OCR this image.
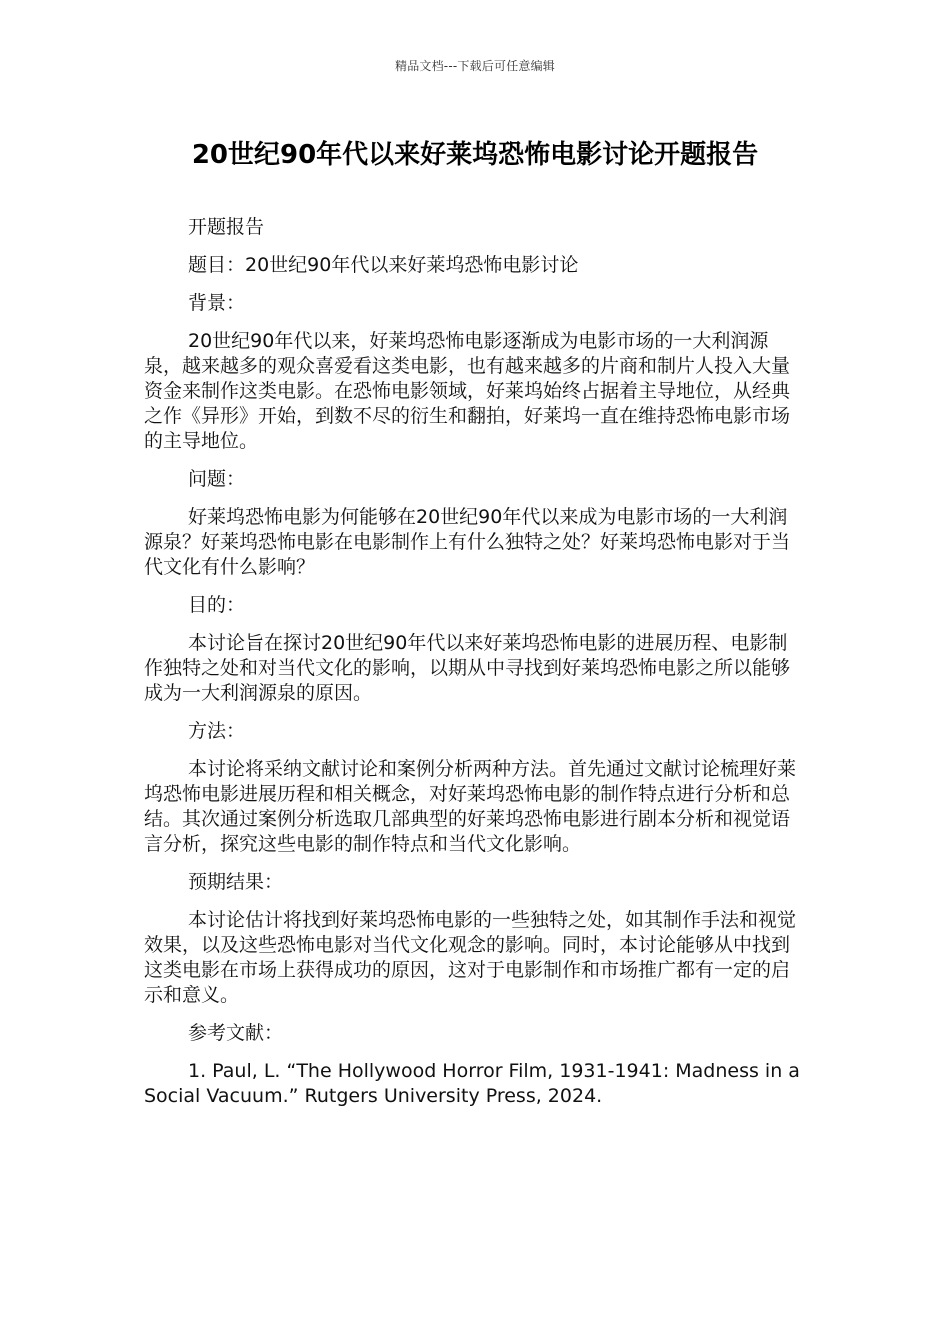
精品文档---下载后可任意编辑
20世纪90年代以来好莱坞恐怖电影讨论开题报告

开题报告

题目：20世纪90年代以来好莱坞恐怖电影讨论

背景：

20世纪90年代以来，好莱坞恐怖电影逐渐成为电影市场的一大利润源泉，越来越多的观众喜爱看这类电影，也有越来越多的片商和制片人投入大量资金来制作这类电影。在恐怖电影领域，好莱坞始终占据着主导地位，从经典之作《异形》开始，到数不尽的衍生和翻拍，好莱坞一直在维持恐怖电影市场的主导地位。

问题：

好莱坞恐怖电影为何能够在20世纪90年代以来成为电影市场的一大利润源泉？好莱坞恐怖电影在电影制作上有什么独特之处？好莱坞恐怖电影对于当代文化有什么影响？

目的：

本讨论旨在探讨20世纪90年代以来好莱坞恐怖电影的进展历程、电影制作独特之处和对当代文化的影响，以期从中寻找到好莱坞恐怖电影之所以能够成为一大利润源泉的原因。

方法：

本讨论将采纳文献讨论和案例分析两种方法。首先通过文献讨论梳理好莱坞恐怖电影进展历程和相关概念，对好莱坞恐怖电影的制作特点进行分析和总结。其次通过案例分析选取几部典型的好莱坞恐怖电影进行剧本分析和视觉语言分析，探究这些电影的制作特点和当代文化影响。

预期结果：

本讨论估计将找到好莱坞恐怖电影的一些独特之处，如其制作手法和视觉效果，以及这些恐怖电影对当代文化观念的影响。同时，本讨论能够从中找到这类电影在市场上获得成功的原因，这对于电影制作和市场推广都有一定的启示和意义。

参考文献：

1. Paul, L. “The Hollywood Horror Film, 1931-1941: Madness in a Social Vacuum.” Rutgers University Press, 2024.
